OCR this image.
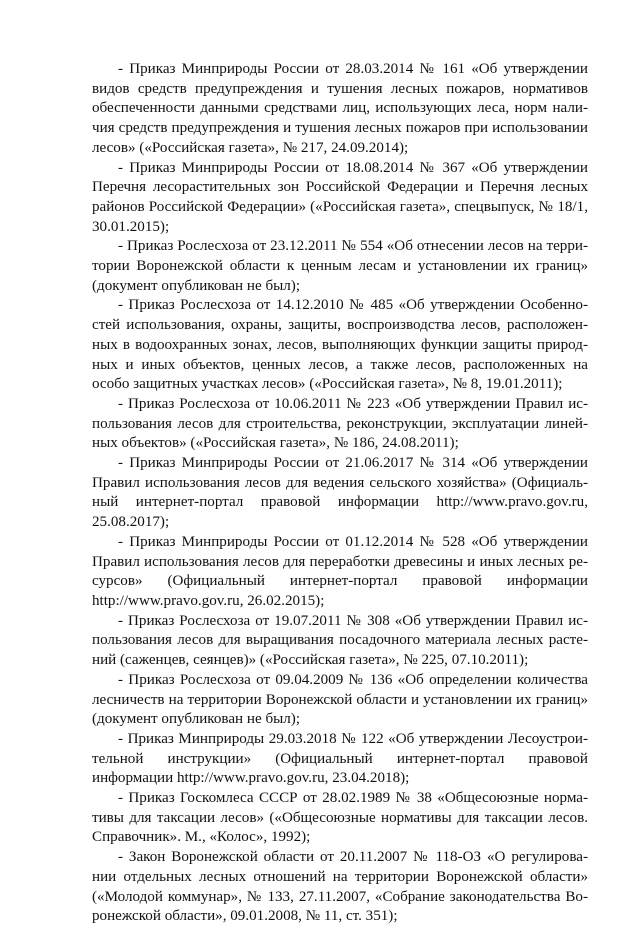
- Приказ Минприроды России от 28.03.2014 № 161 «Об утверждении видов средств предупреждения и тушения лесных пожаров, нормативов обеспеченности данными средствами лиц, использующих леса, норм нали-чия средств предупреждения и тушения лесных пожаров при использовании лесов» («Российская газета», № 217, 24.09.2014);

- Приказ Минприроды России от 18.08.2014 № 367 «Об утверждении Перечня лесорастительных зон Российской Федерации и Перечня лесных районов Российской Федерации» («Российская газета», спецвыпуск, № 18/1, 30.01.2015);

- Приказ Рослесхоза от 23.12.2011 № 554 «Об отнесении лесов на терри-тории Воронежской области к ценным лесам и установлении их границ» (документ опубликован не был);

- Приказ Рослесхоза от 14.12.2010 № 485 «Об утверждении Особенно-стей использования, охраны, защиты, воспроизводства лесов, расположен-ных в водоохранных зонах, лесов, выполняющих функции защиты природ-ных и иных объектов, ценных лесов, а также лесов, расположенных на особо защитных участках лесов» («Российская газета», № 8, 19.01.2011);

- Приказ Рослесхоза от 10.06.2011 № 223 «Об утверждении Правил ис-пользования лесов для строительства, реконструкции, эксплуатации линей-ных объектов» («Российская газета», № 186, 24.08.2011);

- Приказ Минприроды России от 21.06.2017 № 314 «Об утверждении Правил использования лесов для ведения сельского хозяйства» (Официаль-ный интернет-портал правовой информации http://www.pravo.gov.ru, 25.08.2017);

- Приказ Минприроды России от 01.12.2014 № 528 «Об утверждении Правил использования лесов для переработки древесины и иных лесных ре-сурсов» (Официальный интернет-портал правовой информации http://www.pravo.gov.ru, 26.02.2015);

- Приказ Рослесхоза от 19.07.2011 № 308 «Об утверждении Правил ис-пользования лесов для выращивания посадочного материала лесных расте-ний (саженцев, сеянцев)» («Российская газета», № 225, 07.10.2011);

- Приказ Рослесхоза от 09.04.2009 № 136 «Об определении количества лесничеств на территории Воронежской области и установлении их границ» (документ опубликован не был);

- Приказ Минприроды 29.03.2018 № 122 «Об утверждении Лесоустрои-тельной инструкции» (Официальный интернет-портал правовой информации http://www.pravo.gov.ru, 23.04.2018);

- Приказ Госкомлеса СССР от 28.02.1989 № 38 «Общесоюзные норма-тивы для таксации лесов» («Общесоюзные нормативы для таксации лесов. Справочник». М., «Колос», 1992);

- Закон Воронежской области от 20.11.2007 № 118-ОЗ «О регулирова-нии отдельных лесных отношений на территории Воронежской области» («Молодой коммунар», № 133, 27.11.2007, «Собрание законодательства Во-ронежской области», 09.01.2008, № 11, ст. 351);
